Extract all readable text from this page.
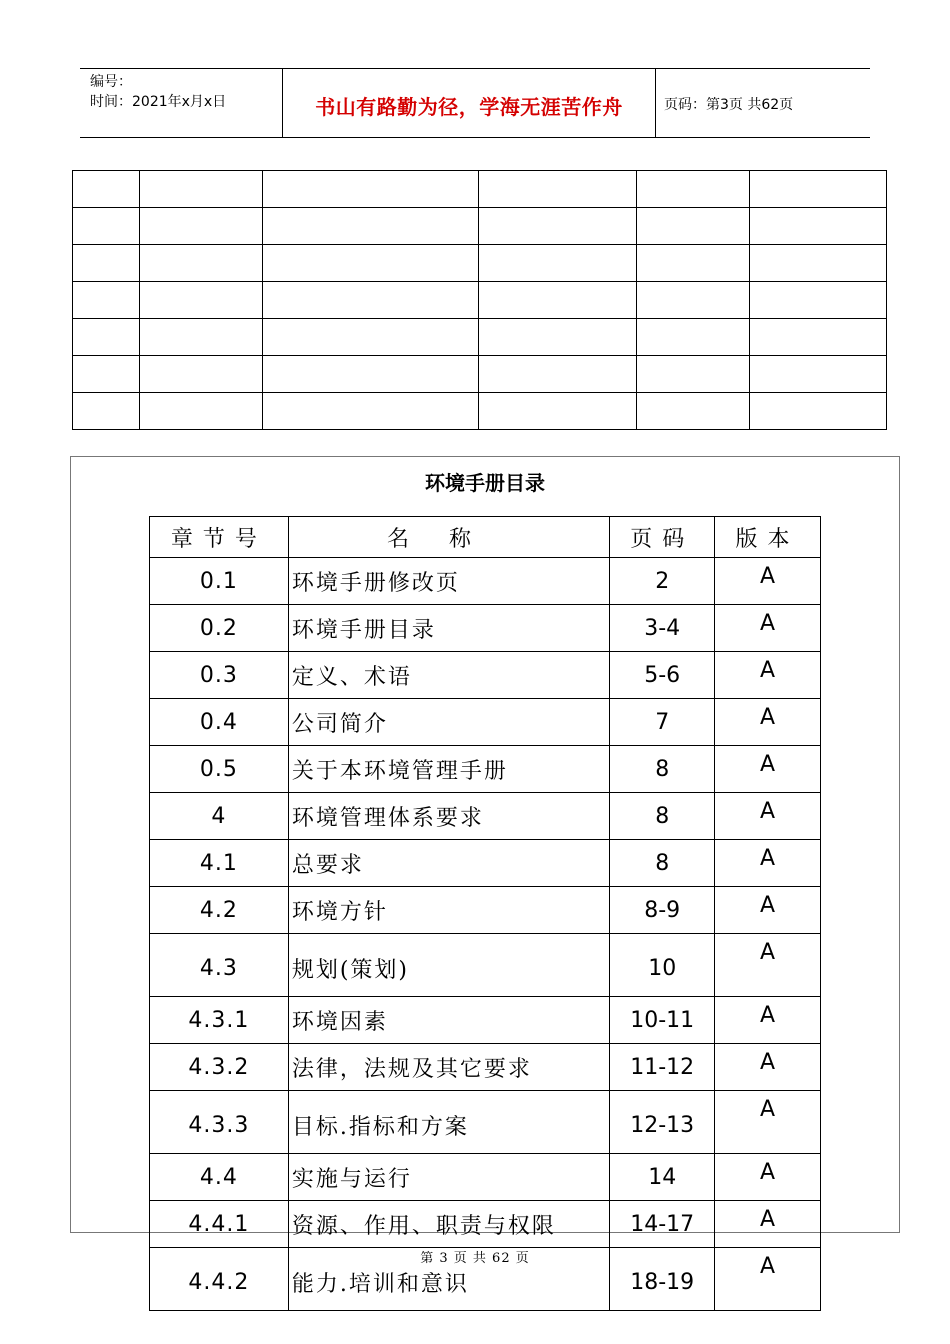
编号：
时间：2021年x月x日	书山有路勤为径，学海无涯苦作舟	页码：第3页 共62页

环境手册目录
章节号	名称	页码	版本
0.1	环境手册修改页	2	A
0.2	环境手册目录	3-4	A
0.3	定义、术语	5-6	A
0.4	公司简介	7	A
0.5	关于本环境管理手册	8	A
4	环境管理体系要求	8	A
4.1	总要求	8	A
4.2	环境方针	8-9	A
4.3	规划(策划)	10	A
4.3.1	环境因素	10-11	A
4.3.2	法律，法规及其它要求	11-12	A
4.3.3	目标.指标和方案	12-13	A
4.4	实施与运行	14	A
4.4.1	资源、作用、职责与权限	14-17	A
4.4.2	能力.培训和意识	18-19	A
第 3 页 共 62 页
